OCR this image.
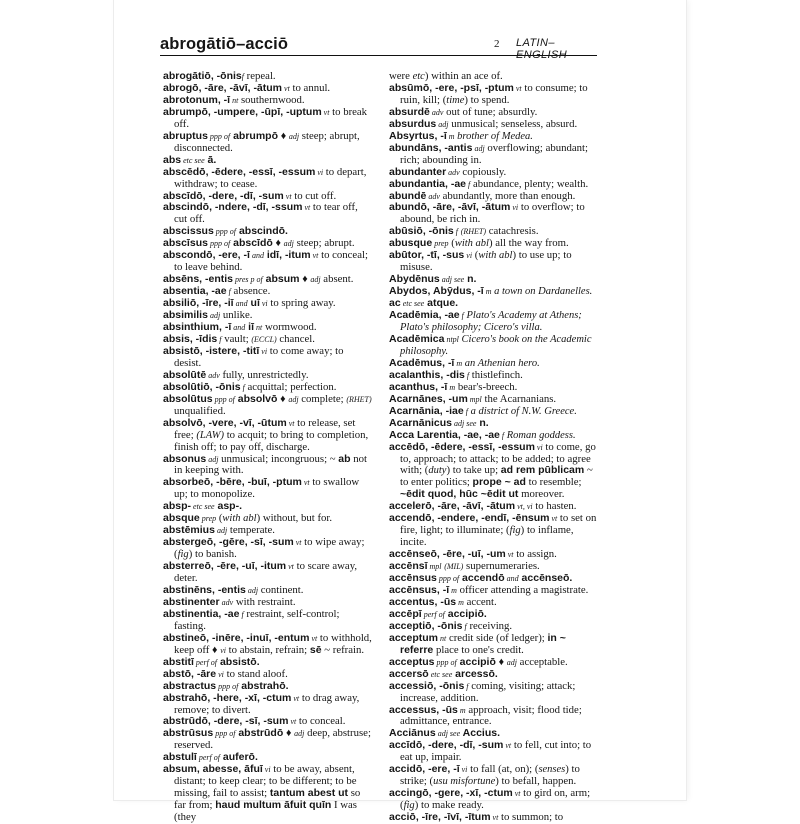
abrogātiō–acciō	2 LATIN–ENGLISH
abrogātiō, -ōnisf repeal.
abrogō, -āre, -āvī, -ātum vt to annul.
abrotonum, -ī nt southernwood.
abrumpō, -umpere, -ūpī, -uptum vt to break off.
abruptus ppp of abrumpō ♦ adj steep; abrupt, disconnected.
abs etc see ā.
abscēdō, -ēdere, -essī, -essum vi to depart, withdraw; to cease.
abscīdō, -dere, -dī, -sum vt to cut off.
abscindō, -ndere, -dī, -ssum vt to tear off, cut off.
abscissus ppp of abscindō.
abscīsus ppp of abscīdō ♦ adj steep; abrupt.
abscondō, -ere, -ī and idī, -itum vt to conceal; to leave behind.
absēns, -entis pres p of absum ♦ adj absent.
absentia, -ae f absence.
absiliō, -īre, -iī and uī vi to spring away.
absimilis adj unlike.
absinthium, -ī and iī nt wormwood.
absis, -īdis f vault; (ECCL) chancel.
absistō, -istere, -titī vi to come away; to desist.
absolūtē adv fully, unrestrictedly.
absolūtiō, -ōnis f acquittal; perfection.
absolūtus ppp of absolvō ♦ adj complete; (RHET) unqualified.
absolvō, -vere, -vī, -ūtum vt to release, set free; (LAW) to acquit; to bring to completion, finish off; to pay off, discharge.
absonus adj unmusical; incongruous; ~ ab not in keeping with.
absorbeō, -bēre, -buī, -ptum vt to swallow up; to monopolize.
absp- etc see asp-.
absque prep (with abl) without, but for.
abstēmius adj temperate.
abstergeō, -gēre, -sī, -sum vt to wipe away; (fig) to banish.
absterreō, -ēre, -uī, -itum vt to scare away, deter.
abstinēns, -entis adj continent.
abstinenter adv with restraint.
abstinentia, -ae f restraint, self-control; fasting.
abstineō, -inēre, -inuī, -entum vt to withhold, keep off ♦ vi to abstain, refrain; sē ~ refrain.
abstitī perf of absistō.
abstō, -āre vi to stand aloof.
abstractus ppp of abstrahō.
abstrahō, -here, -xī, -ctum vt to drag away, remove; to divert.
abstrūdō, -dere, -sī, -sum vt to conceal.
abstrūsus ppp of abstrūdō ♦ adj deep, abstruse; reserved.
abstulī perf of auferō.
absum, abesse, āfuī vi to be away, absent, distant; to keep clear; to be different; to be missing, fail to assist; tantum abest ut so far from; haud multum āfuit quīn I was (they
were etc) within an ace of.
absūmō, -ere, -psī, -ptum vt to consume; to ruin, kill; (time) to spend.
absurdē adv out of tune; absurdly.
absurdus adj unmusical; senseless, absurd.
Absyrtus, -ī m brother of Medea.
abundāns, -antis adj overflowing; abundant; rich; abounding in.
abundanter adv copiously.
abundantia, -ae f abundance, plenty; wealth.
abundē adv abundantly, more than enough.
abundō, -āre, -āvī, -ātum vi to overflow; to abound, be rich in.
abūsiō, -ōnis f (RHET) catachresis.
abusque prep (with abl) all the way from.
abūtor, -tī, -sus vi (with abl) to use up; to misuse.
Abydēnus adj see n.
Abydos, Abȳdus, -ī m a town on Dardanelles.
ac etc see atque.
Acadēmia, -ae f Plato's Academy at Athens; Plato's philosophy; Cicero's villa.
Acadēmica ntpl Cicero's book on the Academic philosophy.
Acadēmus, -ī m an Athenian hero.
acalanthis, -dis f thistlefinch.
acanthus, -ī m bear's-breech.
Acarnānes, -um mpl the Acarnanians.
Acarnānia, -iae f a district of N.W. Greece.
Acarnānicus adj see n.
Acca Larentia, -ae, -ae f Roman goddess.
accēdō, -ēdere, -essī, -essum vi to come, go to, approach; to attack; to be added; to agree with; (duty) to take up; ad rem pūblicam ~ to enter politics; prope ~ ad to resemble; ~ēdit quod, hūc ~ēdit ut moreover.
accelerō, -āre, -āvī, -ātum vt, vi to hasten.
accendō, -endere, -endī, -ēnsum vt to set on fire, light; to illuminate; (fig) to inflame, incite.
accēnseō, -ēre, -uī, -um vt to assign.
accēnsī mpl (MIL) supernumeraries.
accēnsus ppp of accendō and accēnseō.
accēnsus, -ī m officer attending a magistrate.
accentus, -ūs m accent.
accēpī perf of accipiō.
acceptiō, -ōnis f receiving.
acceptum nt credit side (of ledger); in ~ referre place to one's credit.
acceptus ppp of accipiō ♦ adj acceptable.
accersō etc see arcessō.
accessiō, -ōnis f coming, visiting; attack; increase, addition.
accessus, -ūs m approach, visit; flood tide; admittance, entrance.
Acciānus adj see Accius.
accīdō, -dere, -dī, -sum vt to fell, cut into; to eat up, impair.
accidō, -ere, -ī vi to fall (at, on); (senses) to strike; (usu misfortune) to befall, happen.
accingō, -gere, -xī, -ctum vt to gird on, arm; (fig) to make ready.
acciō, -īre, -īvī, -ītum vt to summon; to
